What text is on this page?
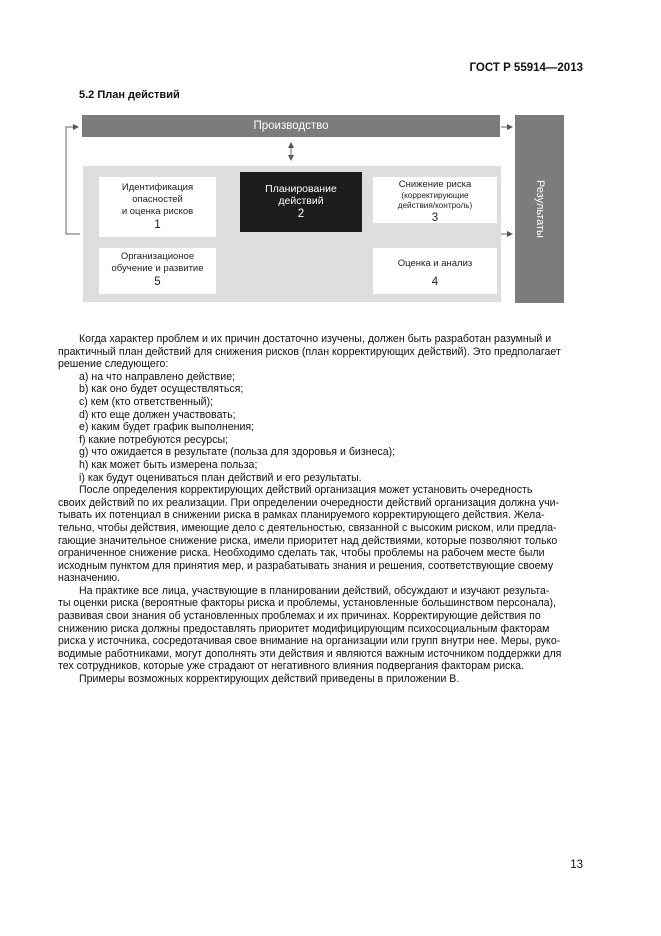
ГОСТ Р 55914—2013
5.2 План действий
Производство
Результаты
Идентификация
опасностей
и оценка рисков
1
Планирование
действий
2
Снижение риска
(корректирующие
действия/контроль)
3
Организационое
обучение и развитие
5
Оценка и анализ
4

Когда характер проблем и их причин достаточно изучены, должен быть разработан разумный и

практичный план действий для снижения рисков (план корректирующих действий). Это предполагает

решение следующего:

a) на что направлено действие;

b) как оно будет осуществляться;

c) кем (кто ответственный);

d) кто еще должен участвовать;

e) каким будет график выполнения;

f) какие потребуются ресурсы;

g) что ожидается в результате (польза для здоровья и бизнеса);

h) как может быть измерена польза;

i) как будут оцениваться план действий и его результаты.

После определения корректирующих действий организация может установить очередность

своих действий по их реализации. При определении очередности действий организация должна учи-

тывать их потенциал в снижении риска в рамках планируемого корректирующего действия. Жела-

тельно, чтобы действия, имеющие дело с деятельностью, связанной с высоким риском, или предла-

гающие значительное снижение риска, имели приоритет над действиями, которые позволяют только

ограниченное снижение риска. Необходимо сделать так, чтобы проблемы на рабочем месте были

исходным пунктом для принятия мер, и разрабатывать знания и решения, соответствующие своему

назначению.

На практике все лица, участвующие в планировании действий, обсуждают и изучают результа-

ты оценки риска (вероятные факторы риска и проблемы, установленные большинством персонала),

развивая свои знания об установленных проблемах и их причинах. Корректирующие действия по

снижению риска должны предоставлять приоритет модифицирующим психосоциальным факторам

риска у источника, сосредотачивая свое внимание на организации или групп внутри нее. Меры, руко-

водимые работниками, могут дополнять эти действия и являются важным источником поддержки для

тех сотрудников, которые уже страдают от негативного влияния подвергания факторам риска.

Примеры возможных корректирующих действий приведены в приложении В.

13
